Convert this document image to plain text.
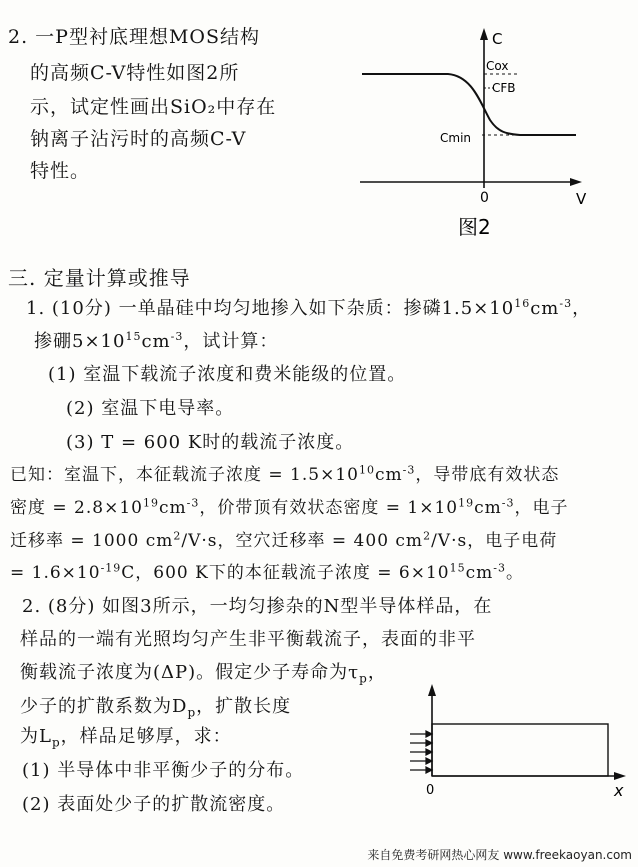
2. 一P型衬底理想MOS结构
的高频C-V特性如图2所
示，试定性画出SiO₂中存在
钠离子沾污时的高频C-V
特性。
C
Cox
CFB
Cmin
0	V
图2
三. 定量计算或推导
1. (10分) 一单晶硅中均匀地掺入如下杂质：掺磷$1.5\times 10^{16}cm^{-3}$，
掺硼$5\times 10^{15}cm^{-3}$，试计算：
(1) 室温下载流子浓度和费米能级的位置。
(2) 室温下电导率。
(3) T = 600 K时的载流子浓度。
已知：室温下，本征载流子浓度 = $1.5\times 10^{10}cm^{-3}$，导带底有效状态
密度 = $2.8\times 10^{19}cm^{-3}$，价带顶有效状态密度 = $1\times 10^{19}cm^{-3}$，电子
迁移率 = 1000 $cm^2/V\cdot s$，空穴迁移率 = 400 $cm^2/V\cdot s$，电子电荷
= $1.6\times 10^{-19}C$，600 K下的本征载流子浓度 = $6\times 10^{15}cm^{-3}$。
2. (8分) 如图3所示，一均匀掺杂的N型半导体样品，在
样品的一端有光照均匀产生非平衡载流子，表面的非平
衡载流子浓度为(ΔP)。假定少子寿命为$\tau_p$，
少子的扩散系数为$D_p$，扩散长度
为$L_p$，样品足够厚，求：
(1) 半导体中非平衡少子的分布。
(2) 表面处少子的扩散流密度。
0	x
来自免费考研网热心网友 www.freekaoyan.com
